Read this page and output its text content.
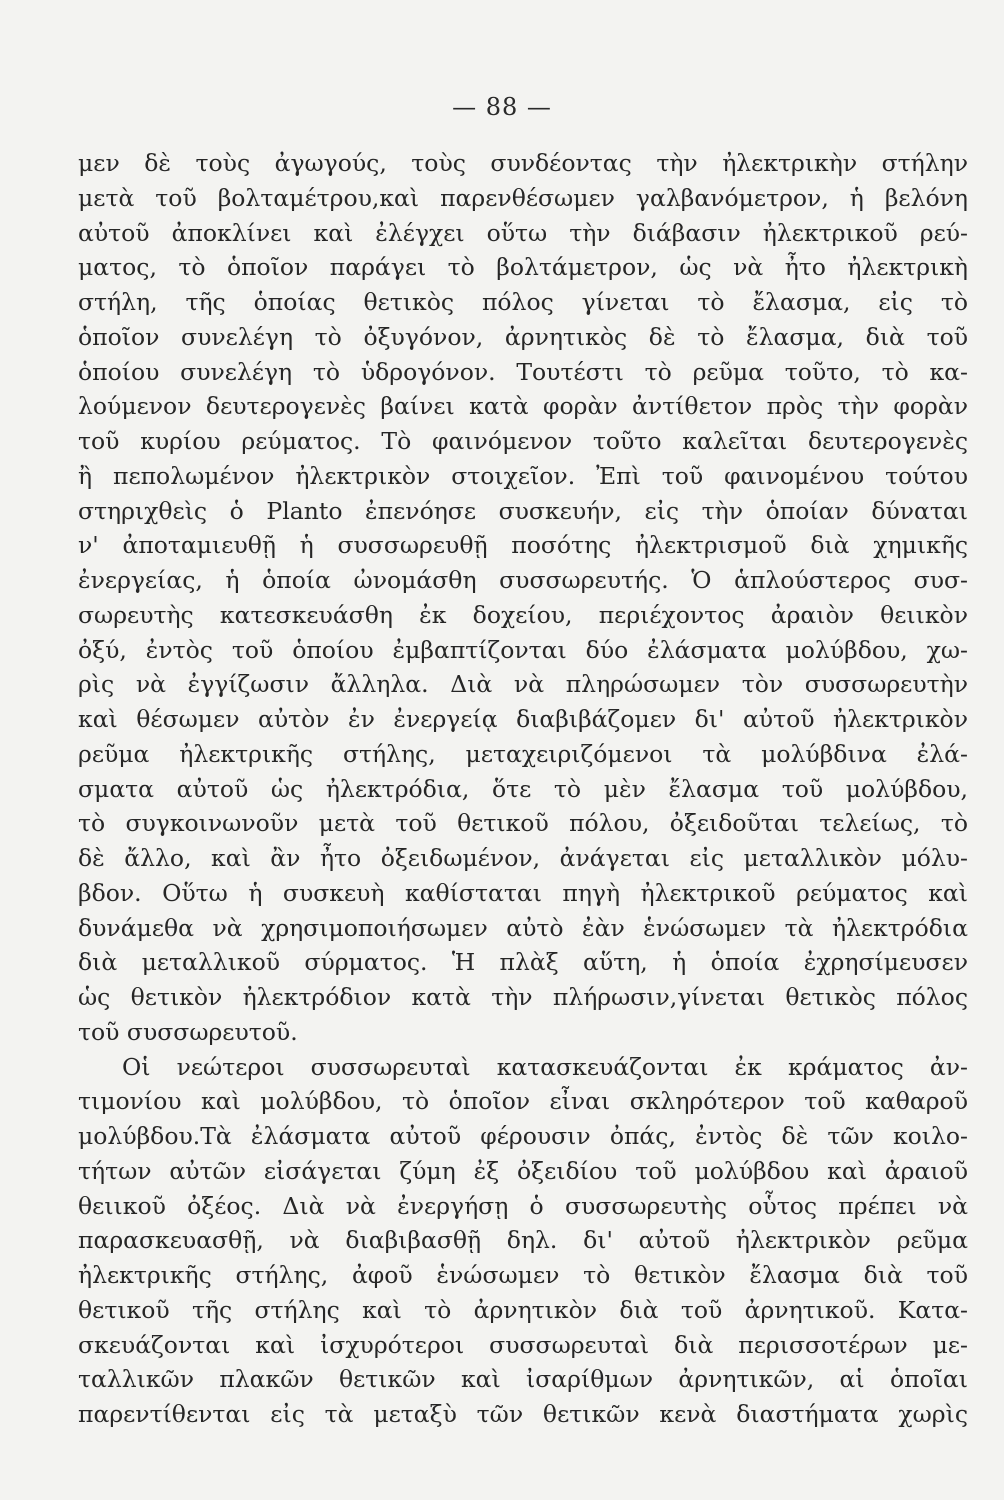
— 88 —
μεν δὲ τοὺς ἀγωγούς, τοὺς συνδέοντας τὴν ἠλεκτρικὴν στήλην
μετὰ τοῦ βολταμέτρου,καὶ παρενθέσωμεν γαλβανόμετρον, ἡ βελόνη
αὐτοῦ ἀποκλίνει καὶ ἐλέγχει οὕτω τὴν διάβασιν ἠλεκτρικοῦ ρεύ-
ματος, τὸ ὁποῖον παράγει τὸ βολτάμετρον, ὡς νὰ ἦτο ἠλεκτρικὴ
στήλη, τῆς ὁποίας θετικὸς πόλος γίνεται τὸ ἔλασμα, εἰς τὸ
ὁποῖον συνελέγη τὸ ὀξυγόνον, ἀρνητικὸς δὲ τὸ ἔλασμα, διὰ τοῦ
ὁποίου συνελέγη τὸ ὑδρογόνον. Τουτέστι τὸ ρεῦμα τοῦτο, τὸ κα-
λούμενον δευτερογενὲς βαίνει κατὰ φορὰν ἀντίθετον πρὸς τὴν φορὰν
τοῦ κυρίου ρεύματος. Τὸ φαινόμενον τοῦτο καλεῖται δευτερογενὲς
ἢ πεπολωμένον ἠλεκτρικὸν στοιχεῖον. Ἐπὶ τοῦ φαινομένου τούτου
στηριχθεὶς ὁ Planto ἐπενόησε συσκευήν, εἰς τὴν ὁποίαν δύναται
ν' ἀποταμιευθῇ ἡ συσσωρευθῇ ποσότης ἠλεκτρισμοῦ διὰ χημικῆς
ἐνεργείας, ἡ ὁποία ὠνομάσθη συσσωρευτής. Ὁ ἁπλούστερος συσ-
σωρευτὴς κατεσκευάσθη ἐκ δοχείου, περιέχοντος ἀραιὸν θειικὸν
ὀξύ, ἐντὸς τοῦ ὁποίου ἐμβαπτίζονται δύο ἐλάσματα μολύβδου, χω-
ρὶς νὰ ἐγγίζωσιν ἄλληλα. Διὰ νὰ πληρώσωμεν τὸν συσσωρευτὴν
καὶ θέσωμεν αὐτὸν ἐν ἐνεργείᾳ διαβιβάζομεν δι' αὐτοῦ ἠλεκτρικὸν
ρεῦμα ἠλεκτρικῆς στήλης, μεταχειριζόμενοι τὰ μολύβδινα ἐλά-
σματα αὐτοῦ ὡς ἠλεκτρόδια, ὅτε τὸ μὲν ἔλασμα τοῦ μολύβδου,
τὸ συγκοινωνοῦν μετὰ τοῦ θετικοῦ πόλου, ὀξειδοῦται τελείως, τὸ
δὲ ἄλλο, καὶ ἂν ἦτο ὀξειδωμένον, ἀνάγεται εἰς μεταλλικὸν μόλυ-
βδον. Οὕτω ἡ συσκευὴ καθίσταται πηγὴ ἠλεκτρικοῦ ρεύματος καὶ
δυνάμεθα νὰ χρησιμοποιήσωμεν αὐτὸ ἐὰν ἑνώσωμεν τὰ ἠλεκτρόδια
διὰ μεταλλικοῦ σύρματος. Ἡ πλὰξ αὕτη, ἡ ὁποία ἐχρησίμευσεν
ὡς θετικὸν ἠλεκτρόδιον κατὰ τὴν πλήρωσιν,γίνεται θετικὸς πόλος
τοῦ συσσωρευτοῦ.
Οἱ νεώτεροι συσσωρευταὶ κατασκευάζονται ἐκ κράματος ἀν-
τιμονίου καὶ μολύβδου, τὸ ὁποῖον εἶναι σκληρότερον τοῦ καθαροῦ
μολύβδου.Τὰ ἐλάσματα αὐτοῦ φέρουσιν ὀπάς, ἐντὸς δὲ τῶν κοιλο-
τήτων αὐτῶν εἰσάγεται ζύμη ἐξ ὀξειδίου τοῦ μολύβδου καὶ ἀραιοῦ
θειικοῦ ὀξέος. Διὰ νὰ ἐνεργήσῃ ὁ συσσωρευτὴς οὗτος πρέπει νὰ
παρασκευασθῇ, νὰ διαβιβασθῇ δηλ. δι' αὐτοῦ ἠλεκτρικὸν ρεῦμα
ἠλεκτρικῆς στήλης, ἀφοῦ ἑνώσωμεν τὸ θετικὸν ἔλασμα διὰ τοῦ
θετικοῦ τῆς στήλης καὶ τὸ ἀρνητικὸν διὰ τοῦ ἀρνητικοῦ. Κατα-
σκευάζονται καὶ ἰσχυρότεροι συσσωρευταὶ διὰ περισσοτέρων με-
ταλλικῶν πλακῶν θετικῶν καὶ ἰσαρίθμων ἀρνητικῶν, αἱ ὁποῖαι
παρεντίθενται εἰς τὰ μεταξὺ τῶν θετικῶν κενὰ διαστήματα χωρὶς
